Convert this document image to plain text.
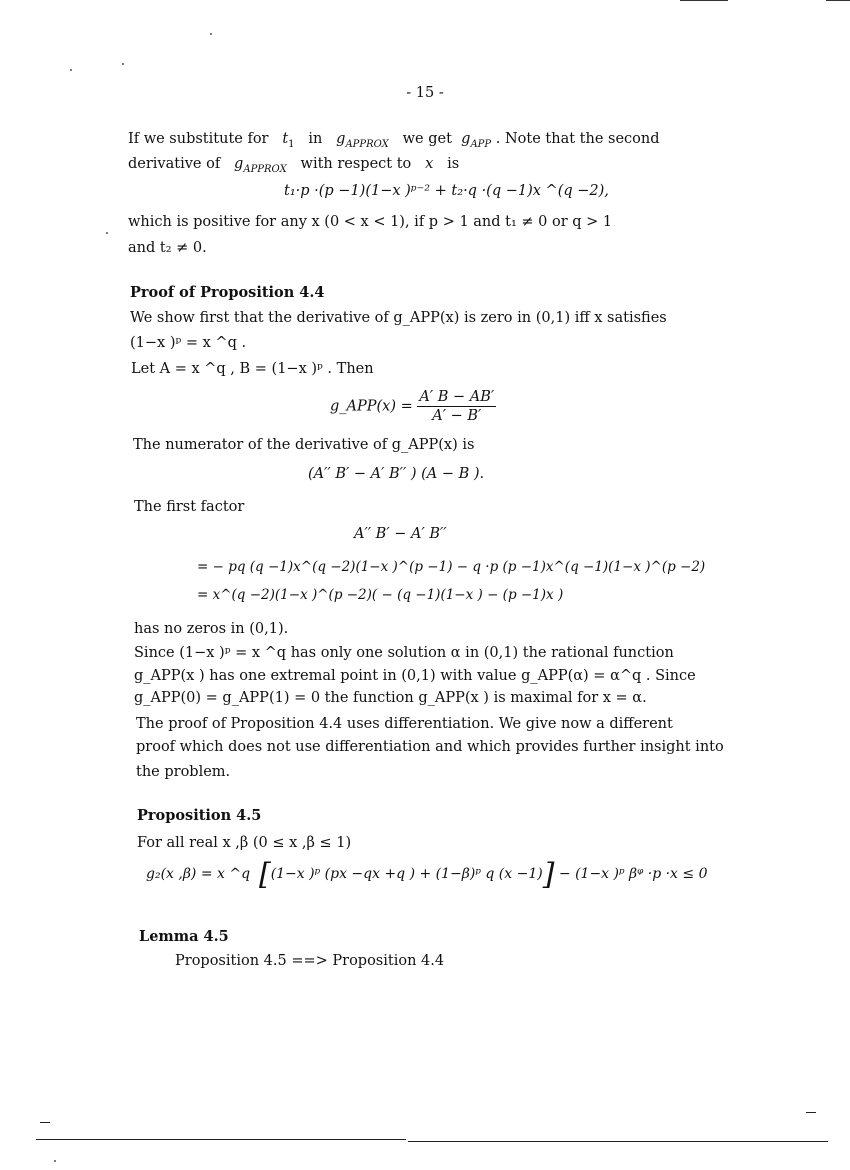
- 15 -
If we substitute for $t_1$ in $g_{APPROX}$ we get $g_{APP}$ . Note that the second
derivative of $g_{APPROX}$ with respect to x is
t₁·p ·(p −1)(1−x )ᵖ⁻² + t₂·q ·(q −1)x ^(q −2),
which is positive for any x (0 < x < 1), if p > 1 and t₁ ≠ 0 or q > 1
and t₂ ≠ 0.
Proof of Proposition 4.4
We show first that the derivative of g_APP(x) is zero in (0,1) iff x satisfies
(1−x )ᵖ = x ^q .
Let A = x ^q , B = (1−x )ᵖ . Then
g_APP(x) = $\frac{A' B - AB'}{A' - B'}$
The numerator of the derivative of g_APP(x) is
(A′′ B′ − A′ B′′ ) (A − B ).
The first factor
A′′ B′ − A′ B′′
= − pq (q −1)x^(q −2)(1−x )^(p −1) − q ·p (p −1)x^(q −1)(1−x )^(p −2)
= x^(q −2)(1−x )^(p −2)( − (q −1)(1−x ) − (p −1)x )
has no zeros in (0,1).
Since (1−x )ᵖ = x ^q has only one solution α in (0,1) the rational function
g_APP(x ) has one extremal point in (0,1) with value g_APP(α) = α^q . Since
g_APP(0) = g_APP(1) = 0 the function g_APP(x ) is maximal for x = α.
The proof of Proposition 4.4 uses differentiation. We give now a different
proof which does not use differentiation and which provides further insight into
the problem.
Proposition 4.5
For all real x ,β (0 ≤ x ,β ≤ 1)
g₂(x ,β) = x ^q [(1−x )ᵖ (px −qx +q ) + (1−β)ᵖ q (x −1)] − (1−x )ᵖ βᵠ ·p ·x ≤ 0
Lemma 4.5
Proposition 4.5 ==> Proposition 4.4
